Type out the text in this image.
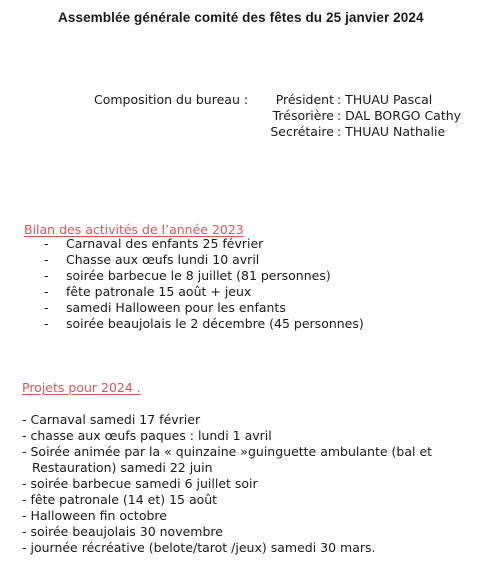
Assemblée générale comité des fêtes du 25 janvier 2024
Composition du bureau :	Président
Trésorière
Secrétaire
: THUAU Pascal
: DAL BORGO Cathy
: THUAU Nathalie
Bilan des activités de l’année 2023
- Carnaval des enfants 25 février
- Chasse aux œufs lundi 10 avril
- soirée barbecue le 8 juillet (81 personnes)
- fête patronale 15 août + jeux
- samedi Halloween pour les enfants
- soirée beaujolais le 2 décembre (45 personnes)
Projets pour 2024 .
- Carnaval samedi 17 février
- chasse aux œufs paques : lundi 1 avril
- Soirée animée par la « quinzaine »guinguette ambulante (bal et
Restauration) samedi 22 juin
- soirée barbecue samedi 6 juillet soir
- fête patronale (14 et) 15 août
- Halloween fin octobre
- soirée beaujolais 30 novembre
- journée récréative (belote/tarot /jeux) samedi 30 mars.
